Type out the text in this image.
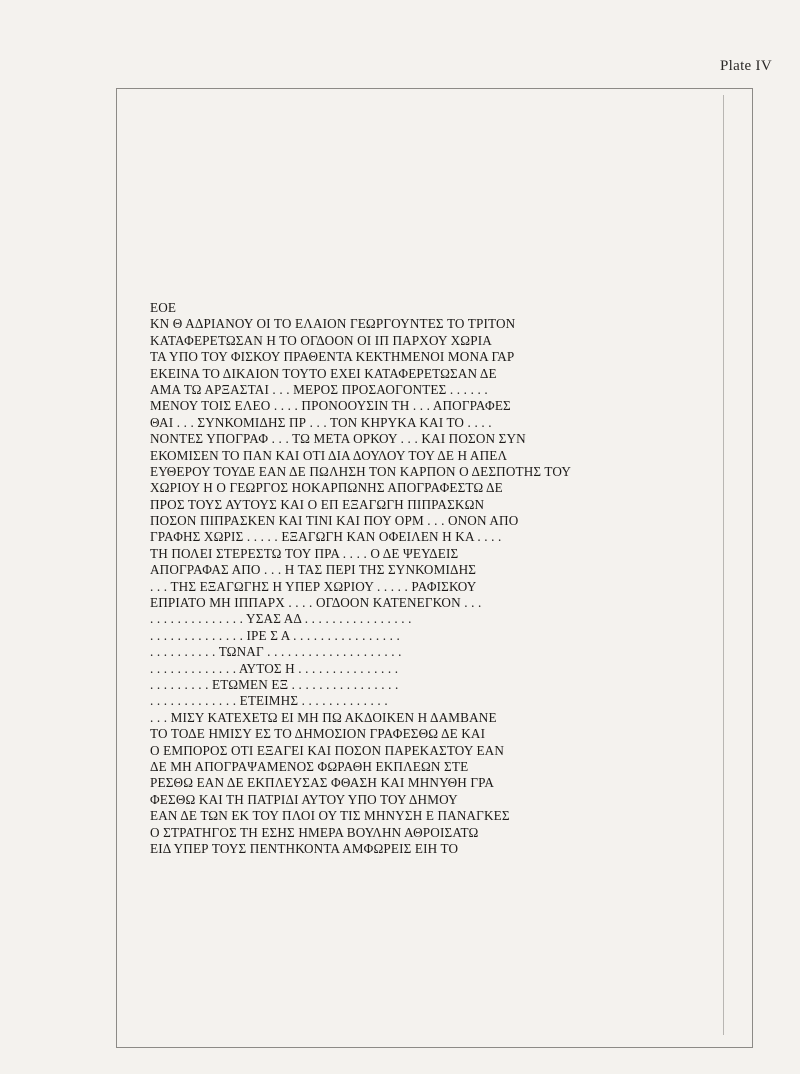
Plate IV
ΕΟΕ
ΚΝ Θ ΑΔΡΙΑΝΟΥ ΟΙ ΤΟ ΕΛΑΙΟΝ ΓΕΩΡΓΟΥΝΤΕΣ ΤΟ ΤΡΙΤΟΝ
ΚΑΤΑΦΕΡΕΤΩΣΑΝ Η ΤΟ ΟΓΔΟΟΝ ΟΙ ΙΠ ΠΑΡΧΟΥ ΧΩΡΙΑ
ΤΑ ΥΠΟ ΤΟΥ ΦΙΣΚΟΥ ΠΡΑΘΕΝΤΑ ΚΕΚΤΗΜΕΝΟΙ ΜΟΝΑ ΓΑΡ
ΕΚΕΙΝΑ ΤΟ ΔΙΚΑΙΟΝ ΤΟΥΤΟ ΕΧΕΙ ΚΑΤΑΦΕΡΕΤΩΣΑΝ ΔΕ
ΑΜΑ ΤΩ ΑΡΞΑΣΤΑΙ . . . ΜΕΡΟΣ ΠΡΟΣΑΟΓΟΝΤΕΣ . . . . . .
ΜΕΝΟΥ ΤΟΙΣ ΕΛΕΟ . . . . ΠΡΟΝΟΟΥΣΙΝ ΤΗ . . . ΑΠΟΓΡΑΦΕΣ
ΘΑΙ . . . ΣΥΝΚΟΜΙΔΗΣ ΠΡ . . . ΤΟΝ ΚΗΡΥΚΑ ΚΑΙ ΤΟ . . . .
ΝΟΝΤΕΣ ΥΠΟΓΡΑΦ . . . ΤΩ ΜΕΤΑ ΟΡΚΟΥ . . . ΚΑΙ ΠΟΣΟΝ ΣΥΝ
ΕΚΟΜΙΣΕΝ ΤΟ ΠΑΝ ΚΑΙ ΟΤΙ ΔΙΑ ΔΟΥΛΟΥ ΤΟΥ ΔΕ Η ΑΠΕΛ
ΕΥΘΕΡΟΥ ΤΟΥΔΕ ΕΑΝ ΔΕ ΠΩΛΗΣΗ ΤΟΝ ΚΑΡΠΟΝ Ο ΔΕΣΠΟΤΗΣ ΤΟΥ
ΧΩΡΙΟΥ Η Ο ΓΕΩΡΓΟΣ ΗΟΚΑΡΠΩΝΗΣ ΑΠΟΓΡΑΦΕΣΤΩ ΔΕ
ΠΡΟΣ ΤΟΥΣ ΑΥΤΟΥΣ ΚΑΙ Ο ΕΠ ΕΞΑΓΩΓΗ ΠΙΠΡΑΣΚΩΝ
ΠΟΣΟΝ ΠΙΠΡΑΣΚΕΝ ΚΑΙ ΤΙΝΙ ΚΑΙ ΠΟΥ ΟΡΜ . . . ΟΝΟΝ ΑΠΟ
ΓΡΑΦΗΣ ΧΩΡΙΣ . . . . . ΕΞΑΓΩΓΗ ΚΑΝ ΟΦΕΙΛΕΝ Η ΚΑ . . . .
ΤΗ ΠΟΛΕΙ ΣΤΕΡΕΣΤΩ ΤΟΥ ΠΡΑ . . . . Ο ΔΕ ΨΕΥΔΕΙΣ
ΑΠΟΓΡΑΦΑΣ ΑΠΟ . . . Η ΤΑΣ ΠΕΡΙ ΤΗΣ ΣΥΝΚΟΜΙΔΗΣ
. . . ΤΗΣ ΕΞΑΓΩΓΗΣ Η ΥΠΕΡ ΧΩΡΙΟΥ . . . . . ΡΑΦΙΣΚΟΥ
ΕΠΡΙΑΤΟ ΜΗ ΙΠΠΑΡΧ . . . . ΟΓΔΟΟΝ ΚΑΤΕΝΕΓΚΟΝ . . .
. . . . . . . . . . . . . . ΥΣΑΣ ΑΔ . . . . . . . . . . . . . . . .
. . . . . . . . . . . . . . ΙΡΕ Σ Α . . . . . . . . . . . . . . . .
. . . . . . . . . . ΤΩΝΑΓ . . . . . . . . . . . . . . . . . . . .
. . . . . . . . . . . . . ΑΥΤΟΣ Η . . . . . . . . . . . . . . .
. . . . . . . . . ΕΤΩΜΕΝ ΕΞ . . . . . . . . . . . . . . . .
. . . . . . . . . . . . . ΕΤΕΙΜΗΣ . . . . . . . . . . . . .
. . . ΜΙΣΥ ΚΑΤΕΧΕΤΩ ΕΙ ΜΗ ΠΩ ΑΚΔΟΙΚΕΝ Η ΔΑΜΒΑΝΕ
ΤΟ ΤΟΔΕ ΗΜΙΣΥ ΕΣ ΤΟ ΔΗΜΟΣΙΟΝ ΓΡΑΦΕΣΘΩ ΔΕ ΚΑΙ
Ο ΕΜΠΟΡΟΣ ΟΤΙ ΕΞΑΓΕΙ ΚΑΙ ΠΟΣΟΝ ΠΑΡΕΚΑΣΤΟΥ ΕΑΝ
ΔΕ ΜΗ ΑΠΟΓΡΑΨΑΜΕΝΟΣ ΦΩΡΑΘΗ ΕΚΠΛΕΩΝ ΣΤΕ
ΡΕΣΘΩ ΕΑΝ ΔΕ ΕΚΠΛΕΥΣΑΣ ΦΘΑΣΗ ΚΑΙ ΜΗΝΥΘΗ ΓΡΑ
ΦΕΣΘΩ ΚΑΙ ΤΗ ΠΑΤΡΙΔΙ ΑΥΤΟΥ ΥΠΟ ΤΟΥ ΔΗΜΟΥ
ΕΑΝ ΔΕ ΤΩΝ ΕΚ ΤΟΥ ΠΛΟΙ ΟΥ ΤΙΣ ΜΗΝΥΣΗ Ε ΠΑΝΑΓΚΕΣ
Ο ΣΤΡΑΤΗΓΟΣ ΤΗ ΕΣΗΣ ΗΜΕΡΑ ΒΟΥΛΗΝ ΑΘΡΟΙΣΑΤΩ
ΕΙΔ ΥΠΕΡ ΤΟΥΣ ΠΕΝΤΗΚΟΝΤΑ ΑΜΦΩΡΕΙΣ ΕΙΗ ΤΟ
